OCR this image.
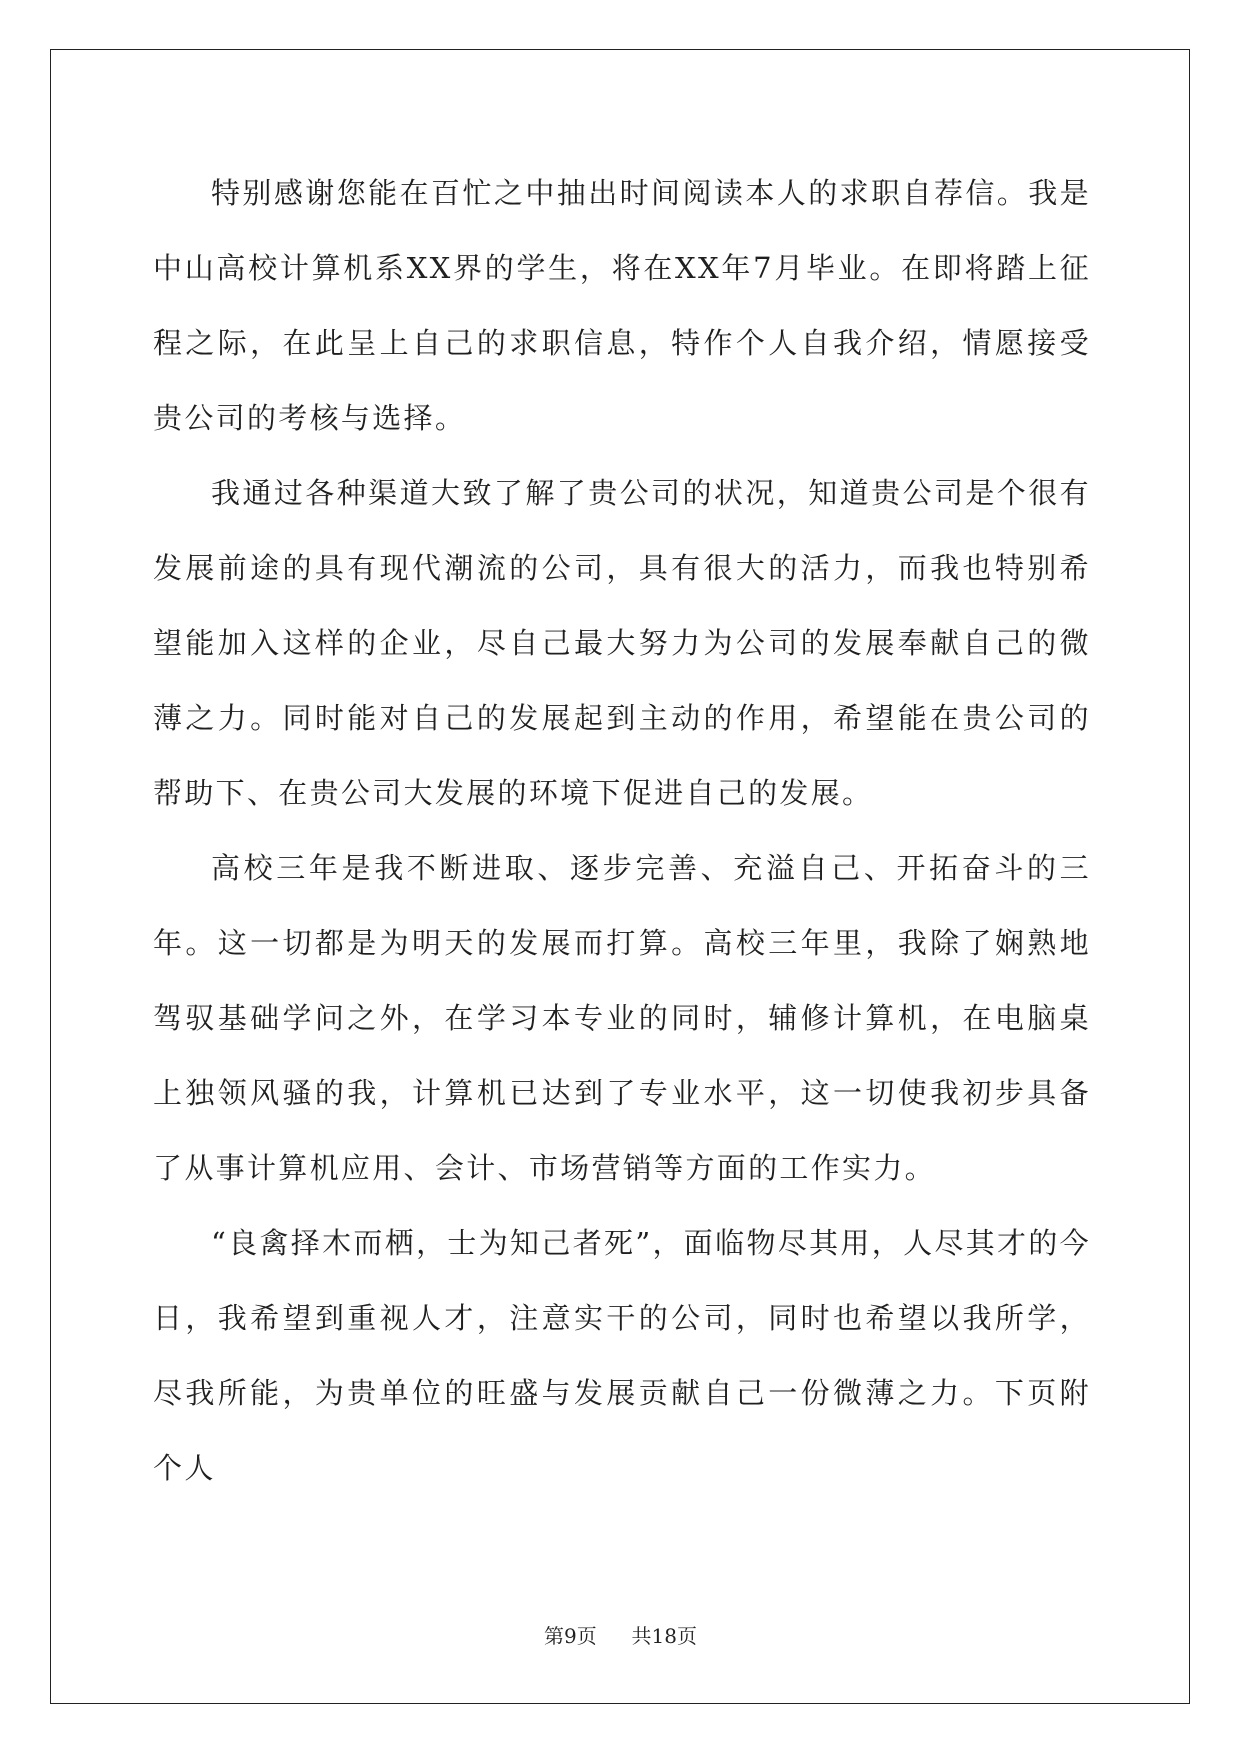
特别感谢您能在百忙之中抽出时间阅读本人的求职自荐信。我是中山高校计算机系XX界的学生，将在XX年7月毕业。在即将踏上征程之际，在此呈上自己的求职信息，特作个人自我介绍，情愿接受贵公司的考核与选择。

我通过各种渠道大致了解了贵公司的状况，知道贵公司是个很有发展前途的具有现代潮流的公司，具有很大的活力，而我也特别希望能加入这样的企业，尽自己最大努力为公司的发展奉献自己的微薄之力。同时能对自己的发展起到主动的作用，希望能在贵公司的帮助下、在贵公司大发展的环境下促进自己的发展。

高校三年是我不断进取、逐步完善、充溢自己、开拓奋斗的三年。这一切都是为明天的发展而打算。高校三年里，我除了娴熟地驾驭基础学问之外，在学习本专业的同时，辅修计算机，在电脑桌上独领风骚的我，计算机已达到了专业水平，这一切使我初步具备了从事计算机应用、会计、市场营销等方面的工作实力。

“良禽择木而栖，士为知己者死”，面临物尽其用，人尽其才的今日，我希望到重视人才，注意实干的公司，同时也希望以我所学，尽我所能，为贵单位的旺盛与发展贡献自己一份微薄之力。下页附个人

第9页 共18页
